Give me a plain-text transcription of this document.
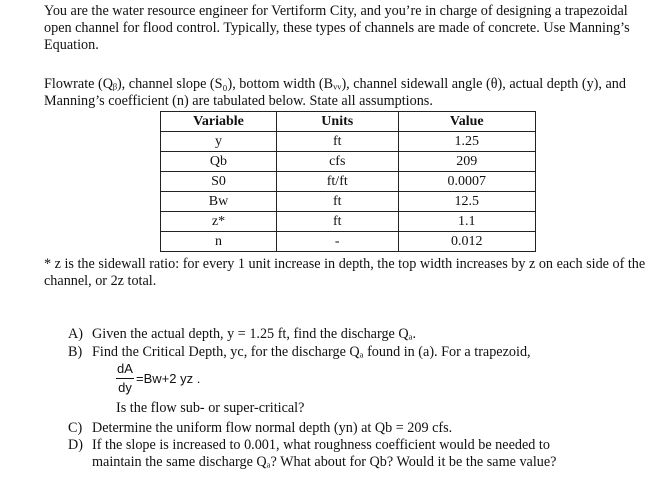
You are the water resource engineer for Vertiform City, and you’re in charge of designing a trapezoidal open channel for flood control. Typically, these types of channels are made of concrete. Use Manning’s Equation.

Flowrate (Qᵦ), channel slope (S₀), bottom width (Bᵥᵥ), channel sidewall angle (θ), actual depth (y), and Manning’s coefficient (n) are tabulated below. State all assumptions.

Variable	Units	Value
y	ft	1.25
Qb	cfs	209
S0	ft/ft	0.0007
Bw	ft	12.5
z*	ft	1.1
n	-	0.012

* z is the sidewall ratio: for every 1 unit increase in depth, the top width increases by z on each side of the channel, or 2z total.

A) Given the actual depth, y = 1.25 ft, find the discharge Qₐ.

B) Find the Critical Depth, yc, for the discharge Qₐ found in (a). For a trapezoid,

dA
dy
=Bw+2 yz .

Is the flow sub- or super-critical?

C) Determine the uniform flow normal depth (yn) at Qb = 209 cfs.

D) If the slope is increased to 0.001, what roughness coefficient would be needed to

maintain the same discharge Qₐ? What about for Qb? Would it be the same value?
